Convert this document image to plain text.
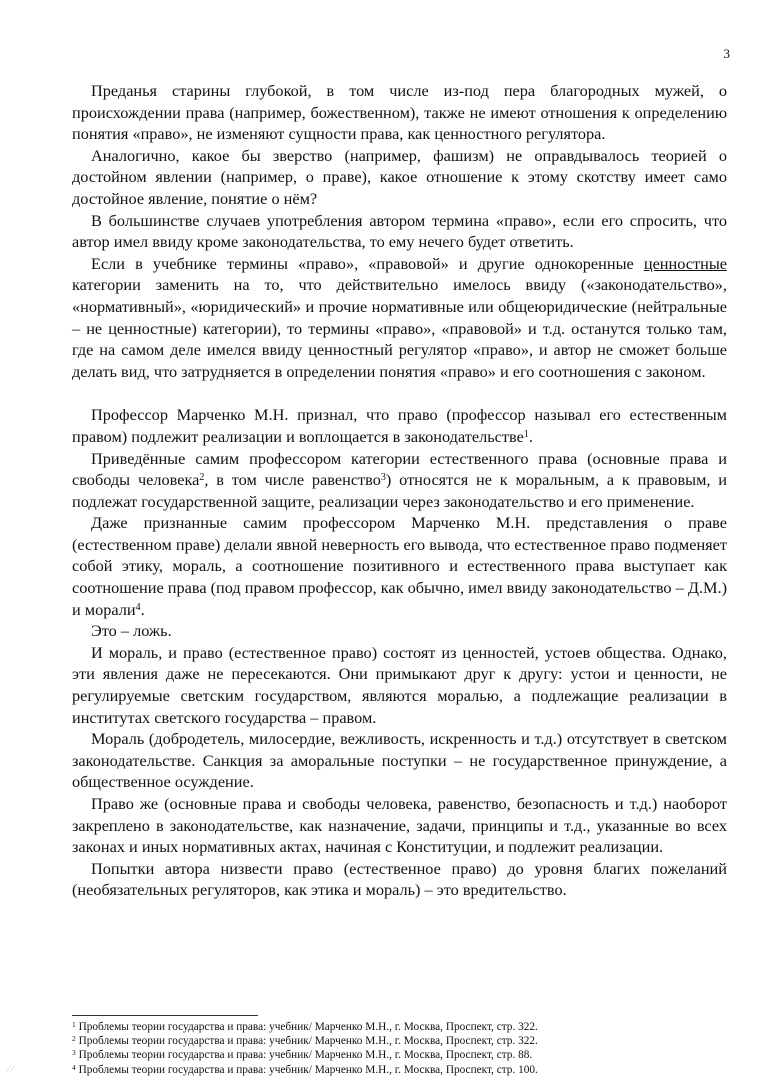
3

Преданья старины глубокой, в том числе из-под пера благородных мужей, о происхождении права (например, божественном), также не имеют отношения к определению понятия «право», не изменяют сущности права, как ценностного регулятора.

Аналогично, какое бы зверство (например, фашизм) не оправдывалось теорией о достойном явлении (например, о праве), какое отношение к этому скотству имеет само достойное явление, понятие о нём?

В большинстве случаев употребления автором термина «право», если его спросить, что автор имел ввиду кроме законодательства, то ему нечего будет ответить.

Если в учебнике термины «право», «правовой» и другие однокоренные ценностные категории заменить на то, что действительно имелось ввиду («законодательство», «нормативный», «юридический» и прочие нормативные или общеюридические (нейтральные – не ценностные) категории), то термины «право», «правовой» и т.д. останутся только там, где на самом деле имелся ввиду ценностный регулятор «право», и автор не сможет больше делать вид, что затрудняется в определении понятия «право» и его соотношения с законом.

Профессор Марченко М.Н. признал, что право (профессор называл его естественным правом) подлежит реализации и воплощается в законодательстве$^1$.

Приведённые самим профессором категории естественного права (основные права и свободы человека$^2$, в том числе равенство$^3$) относятся не к моральным, а к правовым, и подлежат государственной защите, реализации через законодательство и его применение.

Даже признанные самим профессором Марченко М.Н. представления о праве (естественном праве) делали явной неверность его вывода, что естественное право подменяет собой этику, мораль, а соотношение позитивного и естественного права выступает как соотношение права (под правом профессор, как обычно, имел ввиду законодательство – Д.М.) и морали$^4$.

Это – ложь.

И мораль, и право (естественное право) состоят из ценностей, устоев общества. Однако, эти явления даже не пересекаются. Они примыкают друг к другу: устои и ценности, не регулируемые светским государством, являются моралью, а подлежащие реализации в институтах светского государства – правом.

Мораль (добродетель, милосердие, вежливость, искренность и т.д.) отсутствует в светском законодательстве. Санкция за аморальные поступки – не государственное принуждение, а общественное осуждение.

Право же (основные права и свободы человека, равенство, безопасность и т.д.) наоборот закреплено в законодательстве, как назначение, задачи, принципы и т.д., указанные во всех законах и иных нормативных актах, начиная с Конституции, и подлежит реализации.

Попытки автора низвести право (естественное право) до уровня благих пожеланий (необязательных регуляторов, как этика и мораль) – это вредительство.

$^1$ Проблемы теории государства и права: учебник/ Марченко М.Н., г. Москва, Проспект, стр. 322.
$^2$ Проблемы теории государства и права: учебник/ Марченко М.Н., г. Москва, Проспект, стр. 322.
$^3$ Проблемы теории государства и права: учебник/ Марченко М.Н., г. Москва, Проспект, стр. 88.
$^4$ Проблемы теории государства и права: учебник/ Марченко М.Н., г. Москва, Проспект, стр. 100.
⁄ ⁄
